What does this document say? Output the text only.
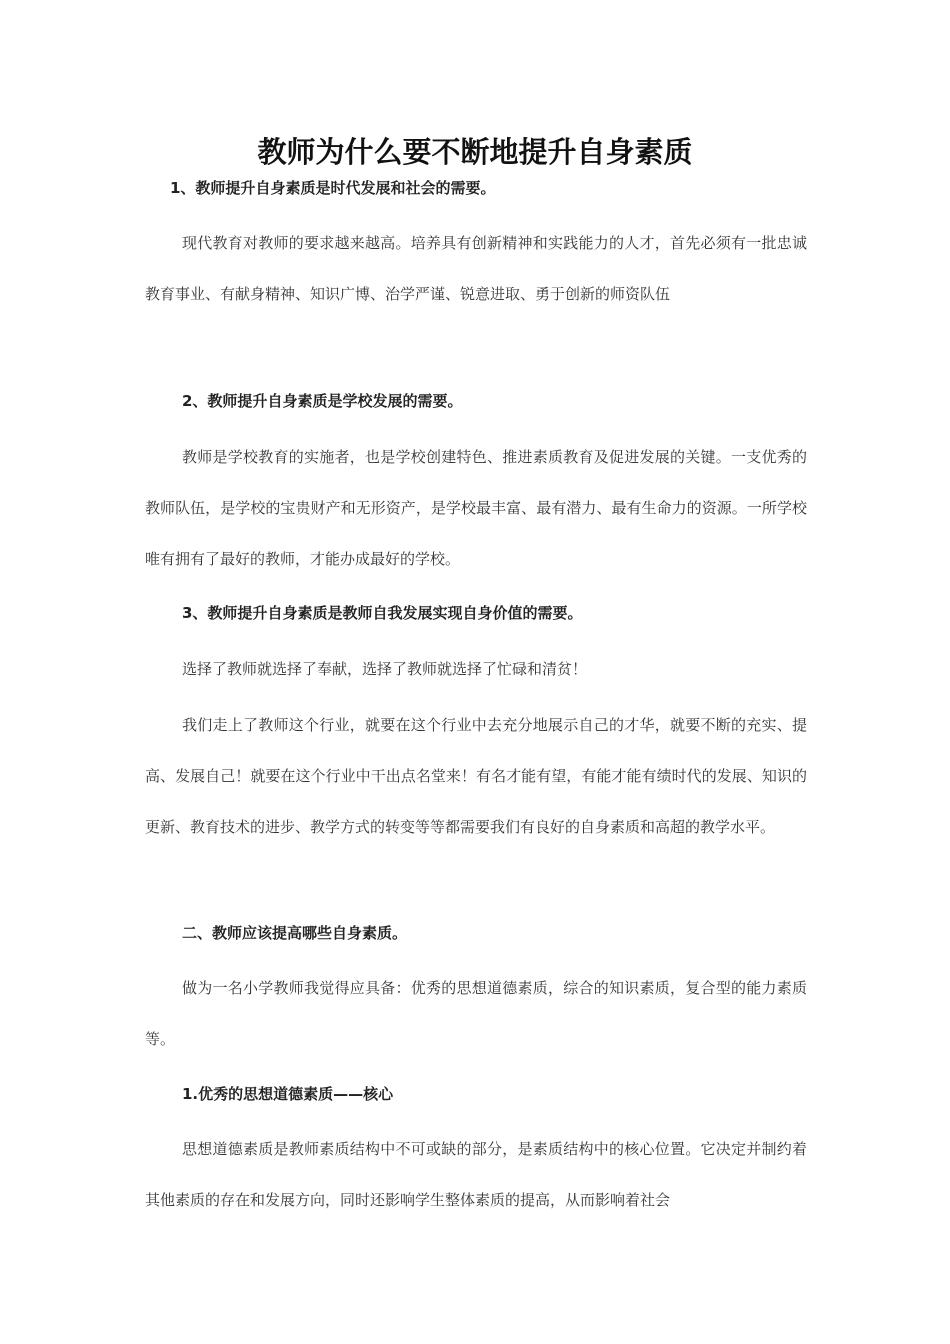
教师为什么要不断地提升自身素质
1、教师提升自身素质是时代发展和社会的需要。

现代教育对教师的要求越来越高。培养具有创新精神和实践能力的人才，首先必须有一批忠诚教育事业、有献身精神、知识广博、治学严谨、锐意进取、勇于创新的师资队伍

2、教师提升自身素质是学校发展的需要。

教师是学校教育的实施者，也是学校创建特色、推进素质教育及促进发展的关键。一支优秀的教师队伍，是学校的宝贵财产和无形资产，是学校最丰富、最有潜力、最有生命力的资源。一所学校唯有拥有了最好的教师，才能办成最好的学校。

3、教师提升自身素质是教师自我发展实现自身价值的需要。

选择了教师就选择了奉献，选择了教师就选择了忙碌和清贫！

我们走上了教师这个行业，就要在这个行业中去充分地展示自己的才华，就要不断的充实、提高、发展自己！就要在这个行业中干出点名堂来！有名才能有望，有能才能有绩时代的发展、知识的更新、教育技术的进步、教学方式的转变等等都需要我们有良好的自身素质和高超的教学水平。

二、教师应该提高哪些自身素质。

做为一名小学教师我觉得应具备：优秀的思想道德素质，综合的知识素质，复合型的能力素质等。

1.优秀的思想道德素质——核心

思想道德素质是教师素质结构中不可或缺的部分，是素质结构中的核心位置。它决定并制约着其他素质的存在和发展方向，同时还影响学生整体素质的提高，从而影响着社会
